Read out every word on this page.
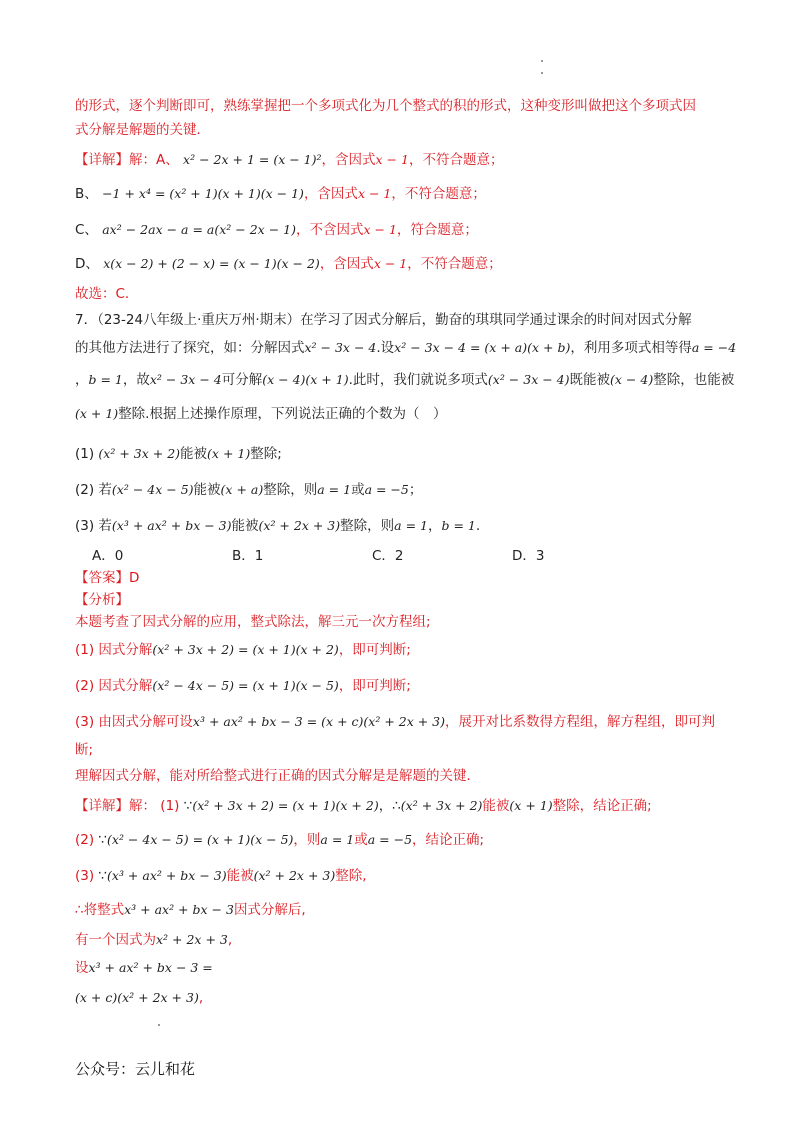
的形式，逐个判断即可，熟练掌握把一个多项式化为几个整式的积的形式，这种变形叫做把这个多项式因
式分解是解题的关键．
【详解】解：A、 x² − 2x + 1 = (x − 1)²，含因式x − 1，不符合题意；
B、 −1 + x⁴ = (x² + 1)(x + 1)(x − 1)，含因式x − 1，不符合题意；
C、 ax² − 2ax − a = a(x² − 2x − 1)，不含因式x − 1，符合题意；
D、 x(x − 2) + (2 − x) = (x − 1)(x − 2)，含因式x − 1，不符合题意；
故选：C．
7．（23-24八年级上·重庆万州·期末）在学习了因式分解后，勤奋的琪琪同学通过课余的时间对因式分解
的其他方法进行了探究，如：分解因式x² − 3x − 4.设x² − 3x − 4 = (x + a)(x + b)，利用多项式相等得a = −4
，b = 1，故x² − 3x − 4可分解(x − 4)(x + 1).此时，我们就说多项式(x² − 3x − 4)既能被(x − 4)整除，也能被
(x + 1)整除.根据上述操作原理，下列说法正确的个数为（　）
(1) (x² + 3x + 2)能被(x + 1)整除;
(2) 若(x² − 4x − 5)能被(x + a)整除，则a = 1或a = −5；
(3) 若(x³ + ax² + bx − 3)能被(x² + 2x + 3)整除，则a = 1，b = 1.
A．0	B．1	C．2	D．3
【答案】D
【分析】
本题考查了因式分解的应用，整式除法，解三元一次方程组;
(1) 因式分解(x² + 3x + 2) = (x + 1)(x + 2)，即可判断;
(2) 因式分解(x² − 4x − 5) = (x + 1)(x − 5)，即可判断;
(3) 由因式分解可设x³ + ax² + bx − 3 = (x + c)(x² + 2x + 3)，展开对比系数得方程组，解方程组，即可判
断;
理解因式分解，能对所给整式进行正确的因式分解是是解题的关键．
【详解】解： (1) ∵(x² + 3x + 2) = (x + 1)(x + 2)，∴(x² + 3x + 2)能被(x + 1)整除，结论正确;
(2) ∵(x² − 4x − 5) = (x + 1)(x − 5)，则a = 1或a = −5，结论正确;
(3) ∵(x³ + ax² + bx − 3)能被(x² + 2x + 3)整除,
∴将整式x³ + ax² + bx − 3因式分解后,
有一个因式为x² + 2x + 3,
设x³ + ax² + bx − 3 =
(x + c)(x² + 2x + 3),
公众号：云儿和花
